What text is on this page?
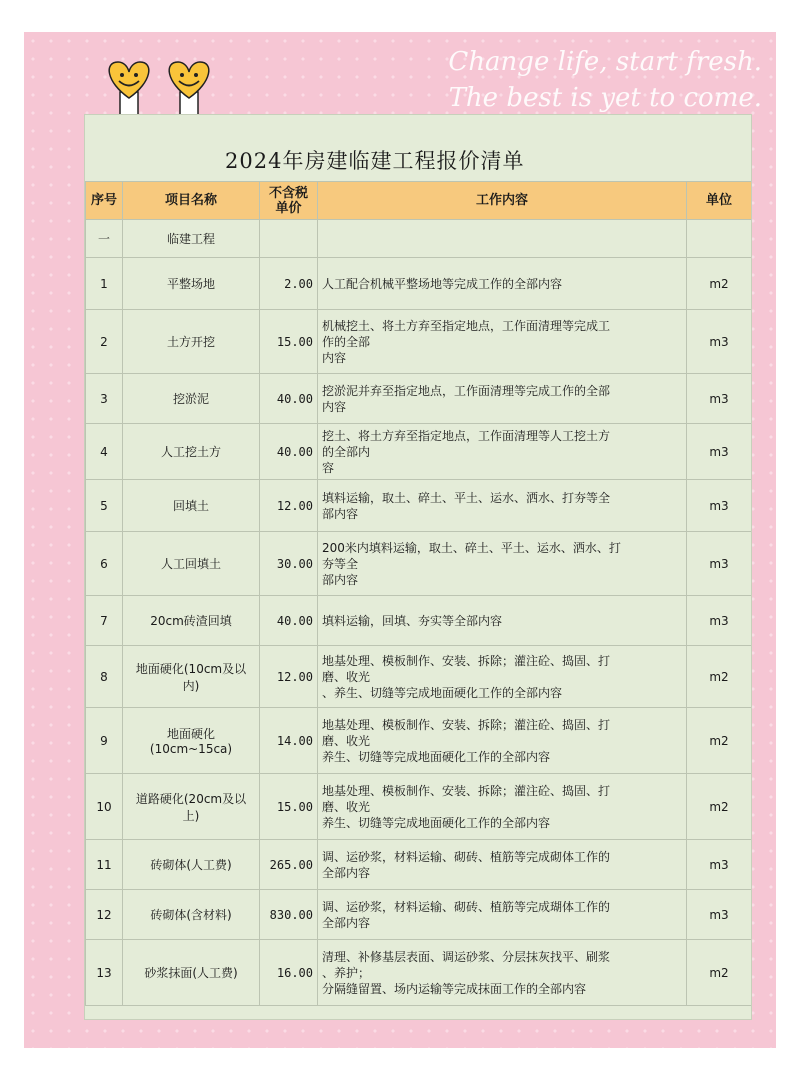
Change life, start fresh.
The best is yet to come.
2024年房建临建工程报价清单
序号	项目名称	不含税单价	工作内容	单位
一	临建工程			
1	平整场地	2.00	人工配合机械平整场地等完成工作的全部内容	m2
2	土方开挖	15.00	机械挖土、将土方弃至指定地点，工作面清理等完成工
作的全部
内容	m3
3	挖淤泥	40.00	挖淤泥并弃至指定地点，工作面清理等完成工作的全部
内容	m3
4	人工挖土方	40.00	挖土、将土方弃至指定地点，工作面清理等人工挖土方
的全部内
容	m3
5	回填土	12.00	填料运输，取土、碎土、平土、运水、洒水、打夯等全
部内容	m3
6	人工回填土	30.00	200米内填料运输，取土、碎土、平土、运水、洒水、打
夯等全
部内容	m3
7	20cm砖渣回填	40.00	填料运输，回填、夯实等全部内容	m3
8	地面硬化(10cm及以
内)	12.00	地基处理、模板制作、安装、拆除；灌注砼、捣固、打
磨、收光
、养生、切缝等完成地面硬化工作的全部内容	m2
9	地面硬化
(10cm~15ca)	14.00	地基处理、模板制作、安装、拆除；灌注砼、捣固、打
磨、收光
养生、切缝等完成地面硬化工作的全部内容	m2
10	道路硬化(20cm及以
上)	15.00	地基处理、模板制作、安装、拆除；灌注砼、捣固、打
磨、收光
养生、切缝等完成地面硬化工作的全部内容	m2
11	砖砌体(人工费)	265.00	调、运砂浆，材料运输、砌砖、植筋等完成砌体工作的
全部内容	m3
12	砖砌体(含材料)	830.00	调、运砂浆，材料运输、砌砖、植筋等完成瑚体工作的
全部内容	m3
13	砂浆抹面(人工费)	16.00	清理、补修基层表面、调运砂浆、分层抹灰找平、刷浆
、养护；
分隔缝留置、场内运输等完成抹面工作的全部内容	m2
